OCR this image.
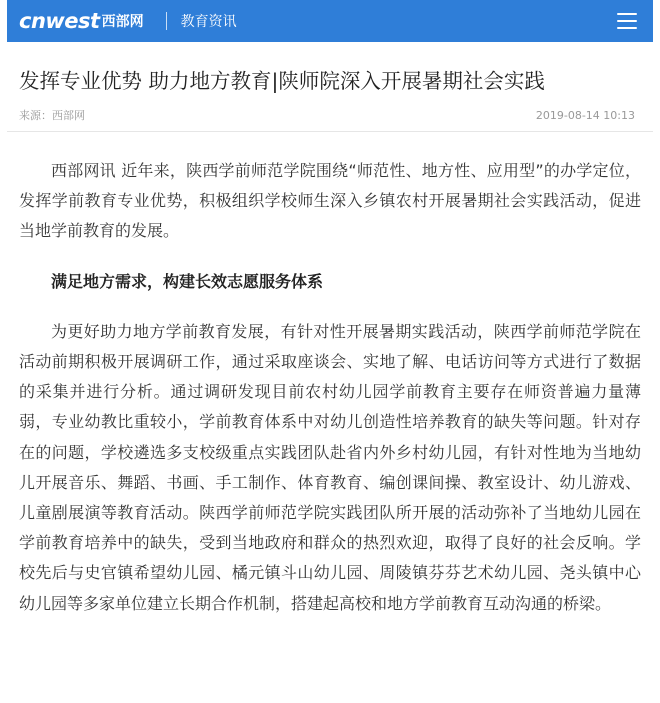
cnwest 西部网	教育资讯
发挥专业优势 助力地方教育|陕师院深入开展暑期社会实践
来源：西部网	2019-08-14 10:13

西部网讯 近年来，陕西学前师范学院围绕“师范性、地方性、应用型”的办学定位，发挥学前教育专业优势，积极组织学校师生深入乡镇农村开展暑期社会实践活动，促进当地学前教育的发展。

满足地方需求，构建长效志愿服务体系

为更好助力地方学前教育发展，有针对性开展暑期实践活动，陕西学前师范学院在活动前期积极开展调研工作，通过采取座谈会、实地了解、电话访问等方式进行了数据的采集并进行分析。通过调研发现目前农村幼儿园学前教育主要存在师资普遍力量薄弱，专业幼教比重较小，学前教育体系中对幼儿创造性培养教育的缺失等问题。针对存在的问题，学校遴选多支校级重点实践团队赴省内外乡村幼儿园，有针对性地为当地幼儿开展音乐、舞蹈、书画、手工制作、体育教育、编创课间操、教室设计、幼儿游戏、儿童剧展演等教育活动。陕西学前师范学院实践团队所开展的活动弥补了当地幼儿园在学前教育培养中的缺失，受到当地政府和群众的热烈欢迎，取得了良好的社会反响。学校先后与史官镇希望幼儿园、橘元镇斗山幼儿园、周陵镇芬芬艺术幼儿园、尧头镇中心幼儿园等多家单位建立长期合作机制，搭建起高校和地方学前教育互动沟通的桥梁。
